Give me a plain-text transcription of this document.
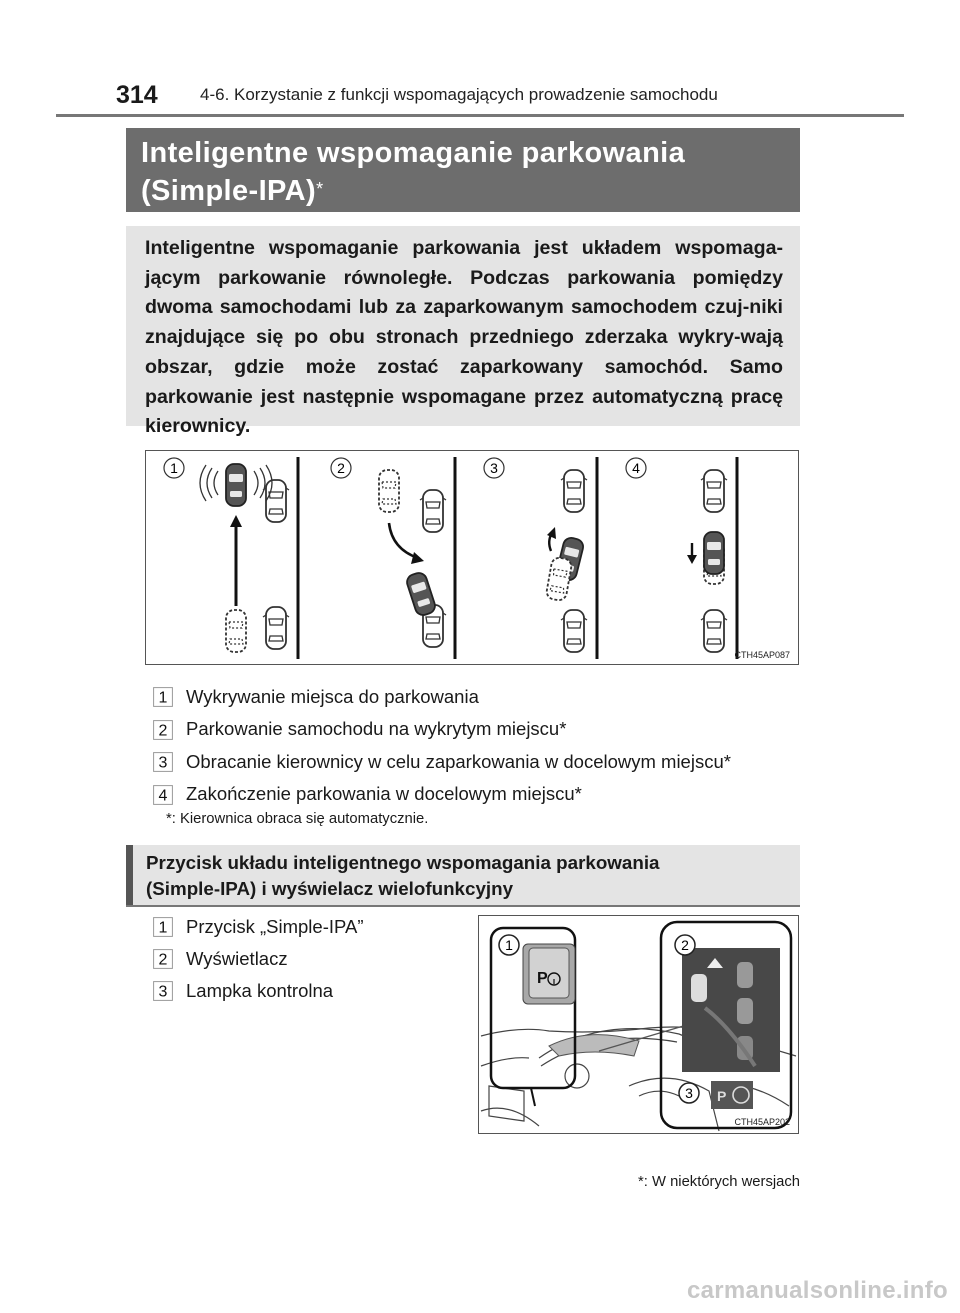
314	4-6. Korzystanie z funkcji wspomagających prowadzenie samochodu
Inteligentne wspomaganie parkowania
(Simple-IPA)*

Inteligentne wspomaganie parkowania jest układem wspomaga-jącym parkowanie równoległe. Podczas parkowania pomiędzy dwoma samochodami lub za zaparkowanym samochodem czuj-niki znajdujące się po obu stronach przedniego zderzaka wykry-wają obszar, gdzie może zostać zaparkowany samochód. Samo parkowanie jest następnie wspomagane przez automatyczną pracę kierownicy.

1	2	3	4
CTH45AP087
1 Wykrywanie miejsca do parkowania
2 Parkowanie samochodu na wykrytym miejscu*
3 Obracanie kierownicy w celu zaparkowania w docelowym miejscu*
4 Zakończenie parkowania w docelowym miejscu*
*: Kierownica obraca się automatycznie.
Przycisk układu inteligentnego wspomagania parkowania
(Simple-IPA) i wyświelacz wielofunkcyjny
1 Przycisk „Simple-IPA”
2 Wyświetlacz
3 Lampka kontrolna
P
P
1	2
3
CTH45AP202
*: W niektórych wersjach
carmanualsonline.info
